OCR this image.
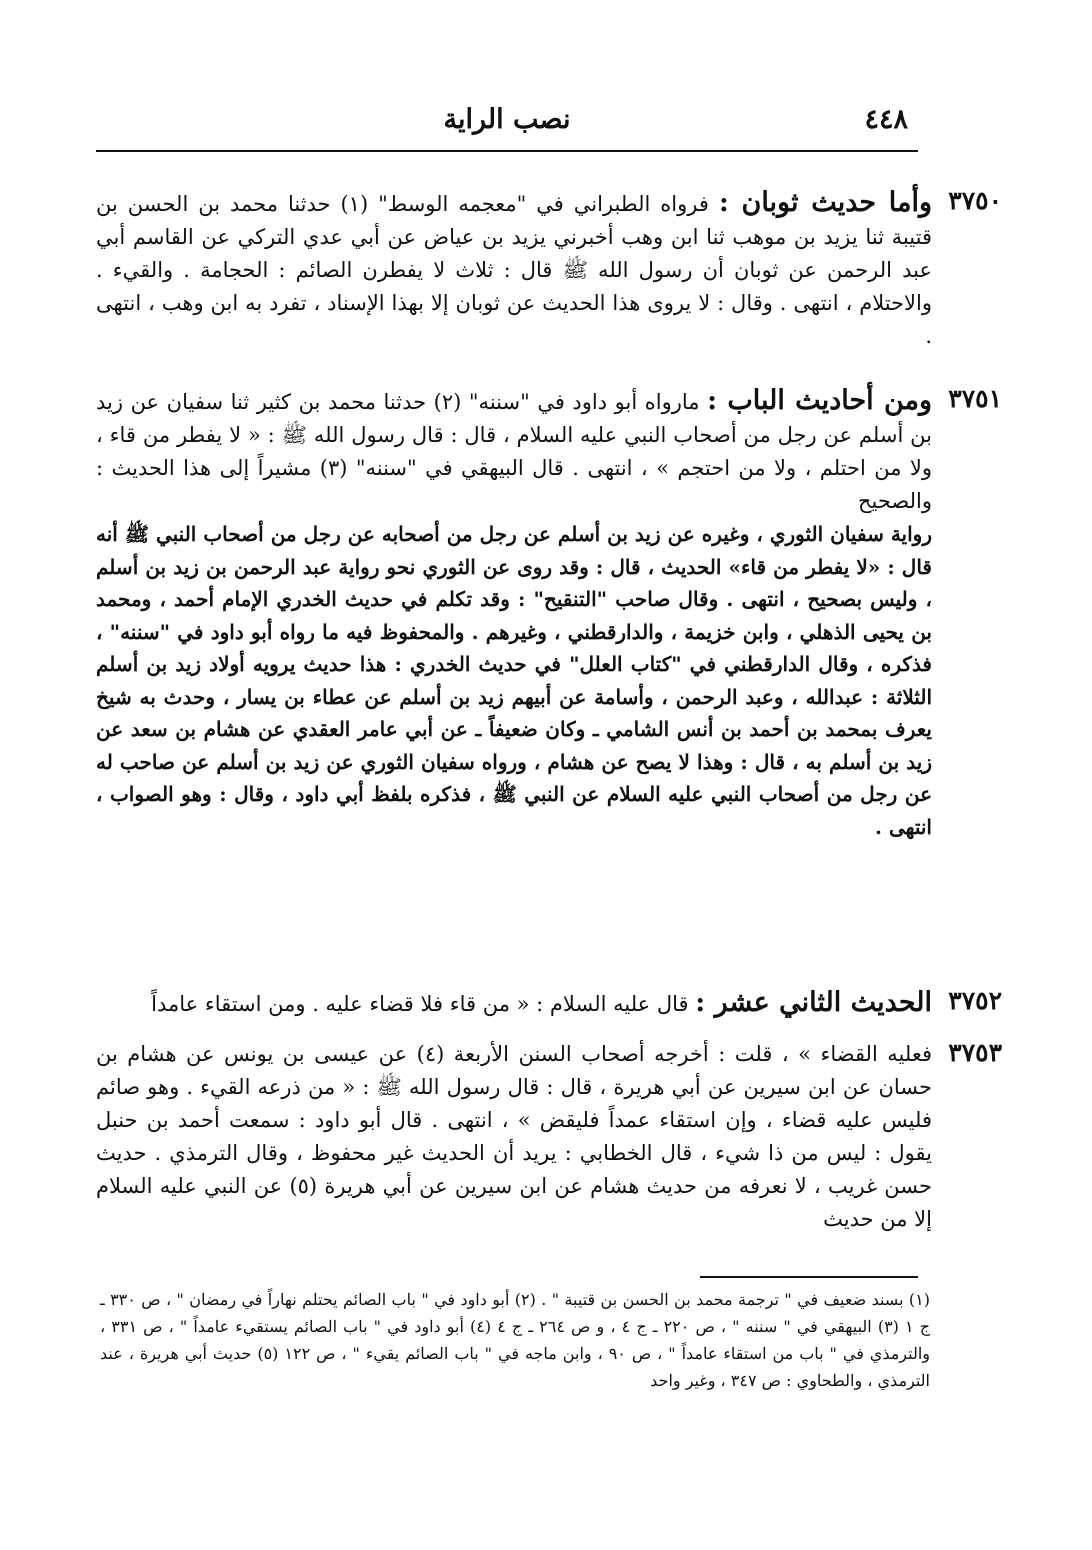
٤٤٨
نصب الراية
٣٧٥٠

وأما حديث ثوبان : فرواه الطبراني في "معجمه الوسط" (١) حدثنا محمد بن الحسن بن قتيبة ثنا يزيد بن موهب ثنا ابن وهب أخبرني يزيد بن عياض عن أبي عدي التركي عن القاسم أبي عبد الرحمن عن ثوبان أن رسول الله ﷺ قال : ثلاث لا يفطرن الصائم : الحجامة . والقيء . والاحتلام ، انتهى . وقال : لا يروى هذا الحديث عن ثوبان إلا بهذا الإسناد ، تفرد به ابن وهب ، انتهى .

٣٧٥١

ومن أحاديث الباب : مارواه أبو داود في "سننه" (٢) حدثنا محمد بن كثير ثنا سفيان عن زيد بن أسلم عن رجل من أصحاب النبي عليه السلام ، قال : قال رسول الله ﷺ : « لا يفطر من قاء ، ولا من احتلم ، ولا من احتجم » ، انتهى . قال البيهقي في "سننه" (٣) مشيراً إلى هذا الحديث : والصحيح

رواية سفيان الثوري ، وغيره عن زيد بن أسلم عن رجل من أصحابه عن رجل من أصحاب النبي ﷺ أنه قال : «لا يفطر من قاء» الحديث ، قال : وقد روى عن الثوري نحو رواية عبد الرحمن بن زيد بن أسلم ، وليس بصحيح ، انتهى . وقال صاحب "التنقيح" : وقد تكلم في حديث الخدري الإمام أحمد ، ومحمد بن يحيى الذهلي ، وابن خزيمة ، والدارقطني ، وغيرهم . والمحفوظ فيه ما رواه أبو داود في "سننه" ، فذكره ، وقال الدارقطني في "كتاب العلل" في حديث الخدري : هذا حديث يرويه أولاد زيد بن أسلم الثلاثة : عبدالله ، وعبد الرحمن ، وأسامة عن أبيهم زيد بن أسلم عن عطاء بن يسار ، وحدث به شيخ يعرف بمحمد بن أحمد بن أنس الشامي ـ وكان ضعيفاً ـ عن أبي عامر العقدي عن هشام بن سعد عن زيد بن أسلم به ، قال : وهذا لا يصح عن هشام ، ورواه سفيان الثوري عن زيد بن أسلم عن صاحب له عن رجل من أصحاب النبي عليه السلام عن النبي ﷺ ، فذكره بلفظ أبي داود ، وقال : وهو الصواب ، انتهى .

٣٧٥٢

الحديث الثاني عشر : قال عليه السلام : « من قاء فلا قضاء عليه . ومن استقاء عامداً

٣٧٥٣

فعليه القضاء » ، قلت : أخرجه أصحاب السنن الأربعة (٤) عن عيسى بن يونس عن هشام بن حسان عن ابن سيرين عن أبي هريرة ، قال : قال رسول الله ﷺ : « من ذرعه القيء . وهو صائم فليس عليه قضاء ، وإن استقاء عمداً فليقض » ، انتهى . قال أبو داود : سمعت أحمد بن حنبل يقول : ليس من ذا شيء ، قال الخطابي : يريد أن الحديث غير محفوظ ، وقال الترمذي . حديث حسن غريب ، لا نعرفه من حديث هشام عن ابن سيرين عن أبي هريرة (٥) عن النبي عليه السلام إلا من حديث

(١) بسند ضعيف في " ترجمة محمد بن الحسن بن قتيبة " . (٢) أبو داود في " باب الصائم يحتلم نهاراً في رمضان " ، ص ٣٣٠ ـ ج ١ (٣) البيهقي في " سننه " ، ص ٢٢٠ ـ ج ٤ ، و ص ٢٦٤ ـ ج ٤ (٤) أبو داود في " باب الصائم يستقيء عامداً " ، ص ٣٣١ ، والترمذي في " باب من استقاء عامداً " ، ص ٩٠ ، وابن ماجه في " باب الصائم يقيء " ، ص ١٢٢ (٥) حديث أبي هريرة ، عند الترمذي ، والطحاوي : ص ٣٤٧ ، وغير واحد
